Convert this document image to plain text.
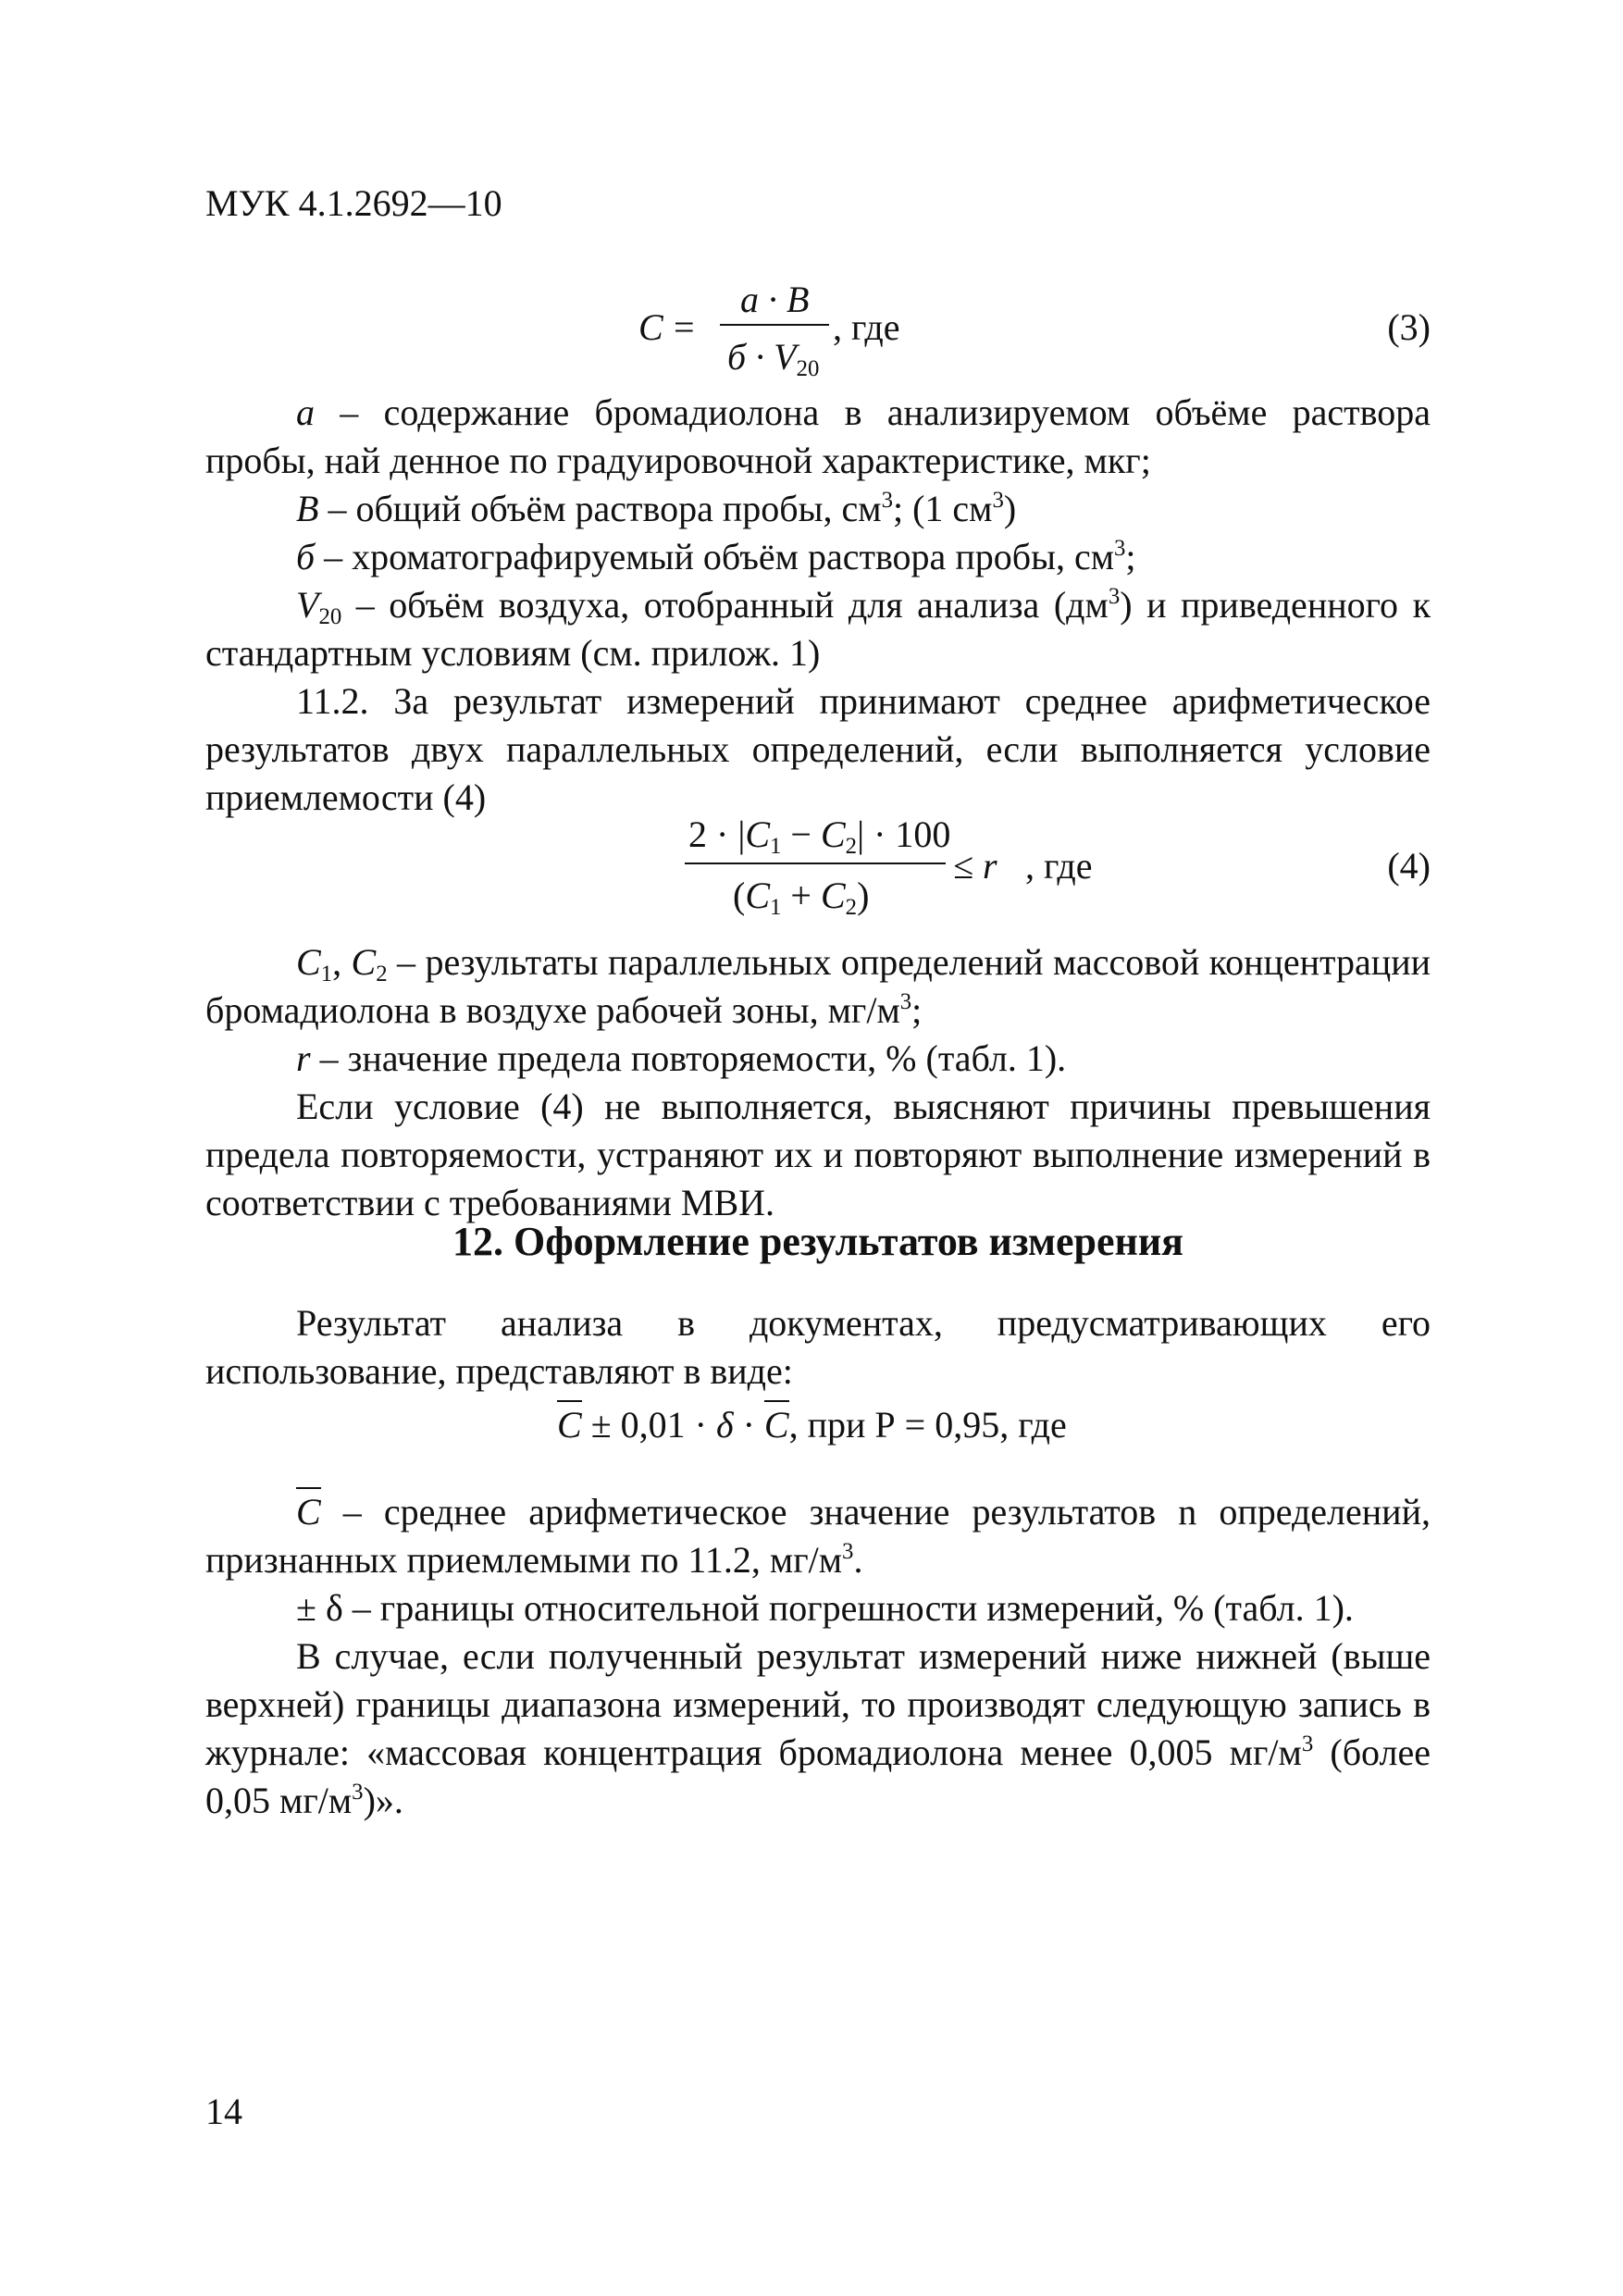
МУК 4.1.2692—10
C =
a · B
б · V20
, где	(3)

а – содержание бромадиолона в анализируемом объёме раствора пробы, най денное по градуировочной характеристике, мкг;

В – общий объём раствора пробы, $см^3$; (1 $см^3$)

б – хроматографируемый объём раствора пробы, $см^3$;

V20 – объём воздуха, отобранный для анализа $(дм^3)$ и приведенного к стандартным условиям (см. прилож. 1)

11.2. За результат измерений принимают среднее арифметическое результатов двух параллельных определений, если выполняется условие приемлемости (4)

2 · |C1 − C2| · 100
(C1 + C2)
≤ r , где	(4)

C1, C2 – результаты параллельных определений массовой концентрации бромадиолона в воздухе рабочей зоны, $мг/м^3$;

r – значение предела повторяемости, % (табл. 1).

Если условие (4) не выполняется, выясняют причины превышения предела повторяемости, устраняют их и повторяют выполнение измерений в соответствии с требованиями МВИ.

12. Оформление результатов измерения

Результат анализа в документах, предусматривающих его использование, представляют в виде:

C ± 0,01 · δ · C, при Р = 0,95, где

C – среднее арифметическое значение результатов n определений, признанных приемлемыми по 11.2, $мг/м^3$.

± δ – границы относительной погрешности измерений, % (табл. 1).

В случае, если полученный результат измерений ниже нижней (выше верхней) границы диапазона измерений, то производят следующую запись в журнале: «массовая концентрация бромадиолона менее 0,005 $мг/м^3$ (более 0,05 $мг/м^3$)».

14
